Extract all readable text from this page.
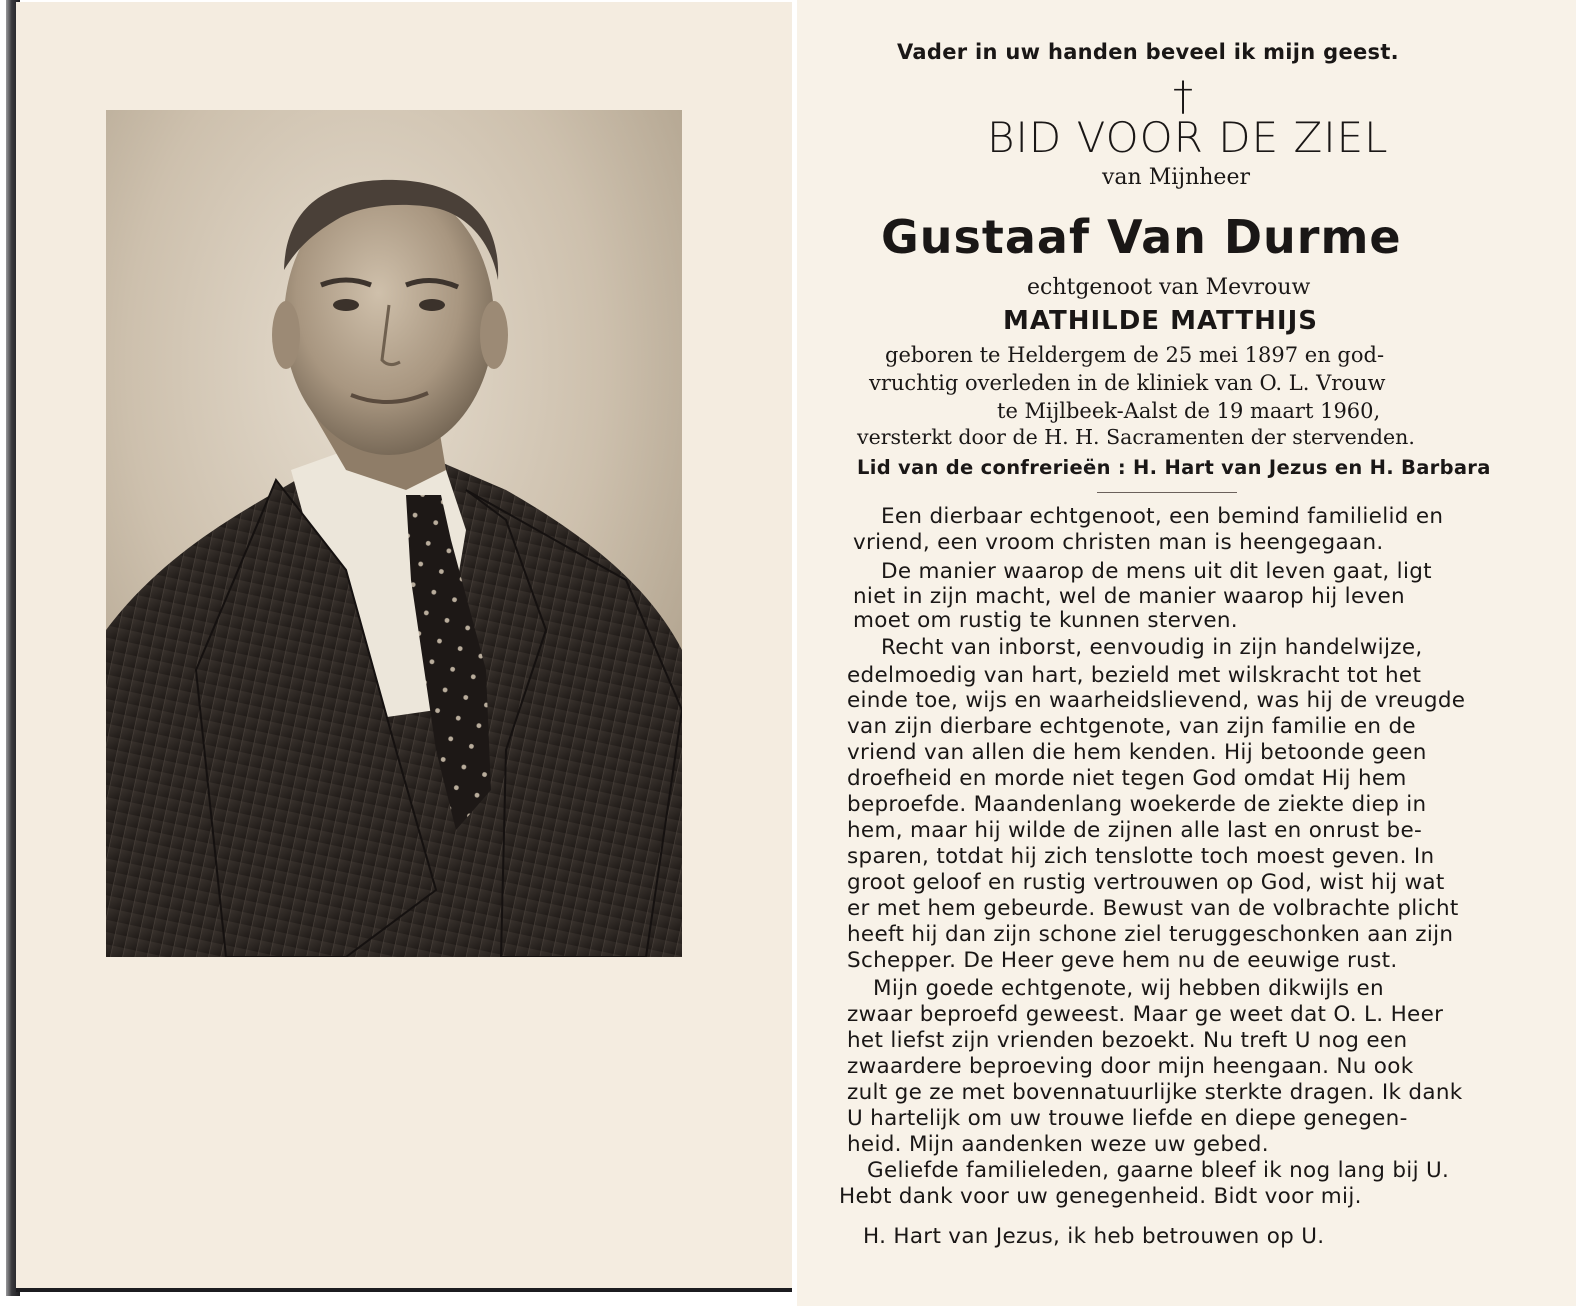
Vader in uw handen beveel ik mijn geest.
†
BID VOOR DE ZIEL
van Mijnheer
Gustaaf Van Durme
echtgenoot van Mevrouw
MATHILDE MATTHIJS
geboren te Heldergem de 25 mei 1897 en god-
vruchtig overleden in de kliniek van O. L. Vrouw
te Mijlbeek-Aalst de 19 maart 1960,
versterkt door de H. H. Sacramenten der stervenden.
Lid van de confrerieën : H. Hart van Jezus en H. Barbara
Een dierbaar echtgenoot, een bemind familielid en
vriend, een vroom christen man is heengegaan.
De manier waarop de mens uit dit leven gaat, ligt
niet in zijn macht, wel de manier waarop hij leven
moet om rustig te kunnen sterven.
Recht van inborst, eenvoudig in zijn handelwijze,
edelmoedig van hart, bezield met wilskracht tot het
einde toe, wijs en waarheidslievend, was hij de vreugde
van zijn dierbare echtgenote, van zijn familie en de
vriend van allen die hem kenden. Hij betoonde geen
droefheid en morde niet tegen God omdat Hij hem
beproefde. Maandenlang woekerde de ziekte diep in
hem, maar hij wilde de zijnen alle last en onrust be-
sparen, totdat hij zich tenslotte toch moest geven. In
groot geloof en rustig vertrouwen op God, wist hij wat
er met hem gebeurde. Bewust van de volbrachte plicht
heeft hij dan zijn schone ziel teruggeschonken aan zijn
Schepper. De Heer geve hem nu de eeuwige rust.
Mijn goede echtgenote, wij hebben dikwijls en
zwaar beproefd geweest. Maar ge weet dat O. L. Heer
het liefst zijn vrienden bezoekt. Nu treft U nog een
zwaardere beproeving door mijn heengaan. Nu ook
zult ge ze met bovennatuurlijke sterkte dragen. Ik dank
U hartelijk om uw trouwe liefde en diepe genegen-
heid. Mijn aandenken weze uw gebed.
Geliefde familieleden, gaarne bleef ik nog lang bij U.
Hebt dank voor uw genegenheid. Bidt voor mij.
H. Hart van Jezus, ik heb betrouwen op U.
